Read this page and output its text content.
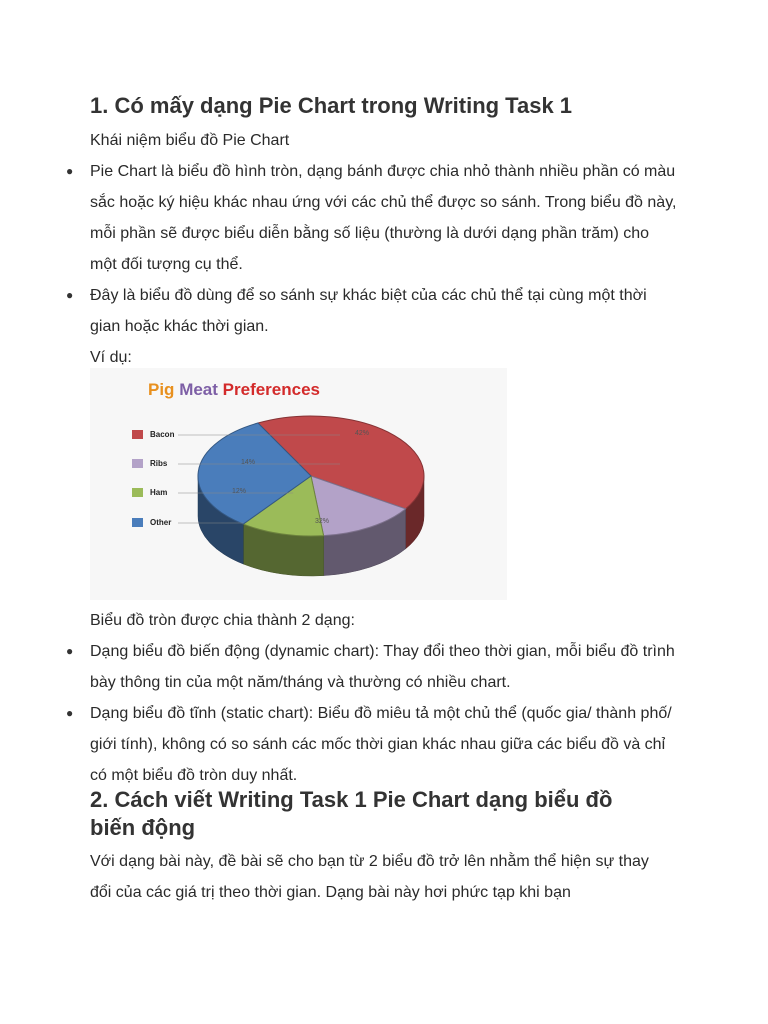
1. Có mấy dạng Pie Chart trong Writing Task 1
Khái niệm biểu đồ Pie Chart
● Pie Chart là biểu đồ hình tròn, dạng bánh được chia nhỏ thành nhiều phần có màu sắc hoặc ký hiệu khác nhau ứng với các chủ thể được so sánh. Trong biểu đồ này, mỗi phần sẽ được biểu diễn bằng số liệu (thường là dưới dạng phần trăm) cho một đối tượng cụ thể.
● Đây là biểu đồ dùng để so sánh sự khác biệt của các chủ thể tại cùng một thời gian hoặc khác thời gian.
Ví dụ:
Biểu đồ tròn được chia thành 2 dạng:
● Dạng biểu đồ biến động (dynamic chart): Thay đổi theo thời gian, mỗi biểu đồ trình bày thông tin của một năm/tháng và thường có nhiều chart.
● Dạng biểu đồ tĩnh (static chart): Biểu đồ miêu tả một chủ thể (quốc gia/ thành phố/ giới tính), không có so sánh các mốc thời gian khác nhau giữa các biểu đồ và chỉ có một biểu đồ tròn duy nhất.
2. Cách viết Writing Task 1 Pie Chart dạng biểu đồ biến động
Với dạng bài này, đề bài sẽ cho bạn từ 2 biểu đồ trở lên nhằm thể hiện sự thay đổi của các giá trị theo thời gian. Dạng bài này hơi phức tạp khi bạn
Pig Meat Preferences
Bacon
Ribs
Ham
Other
42%
14%
12%
32%
